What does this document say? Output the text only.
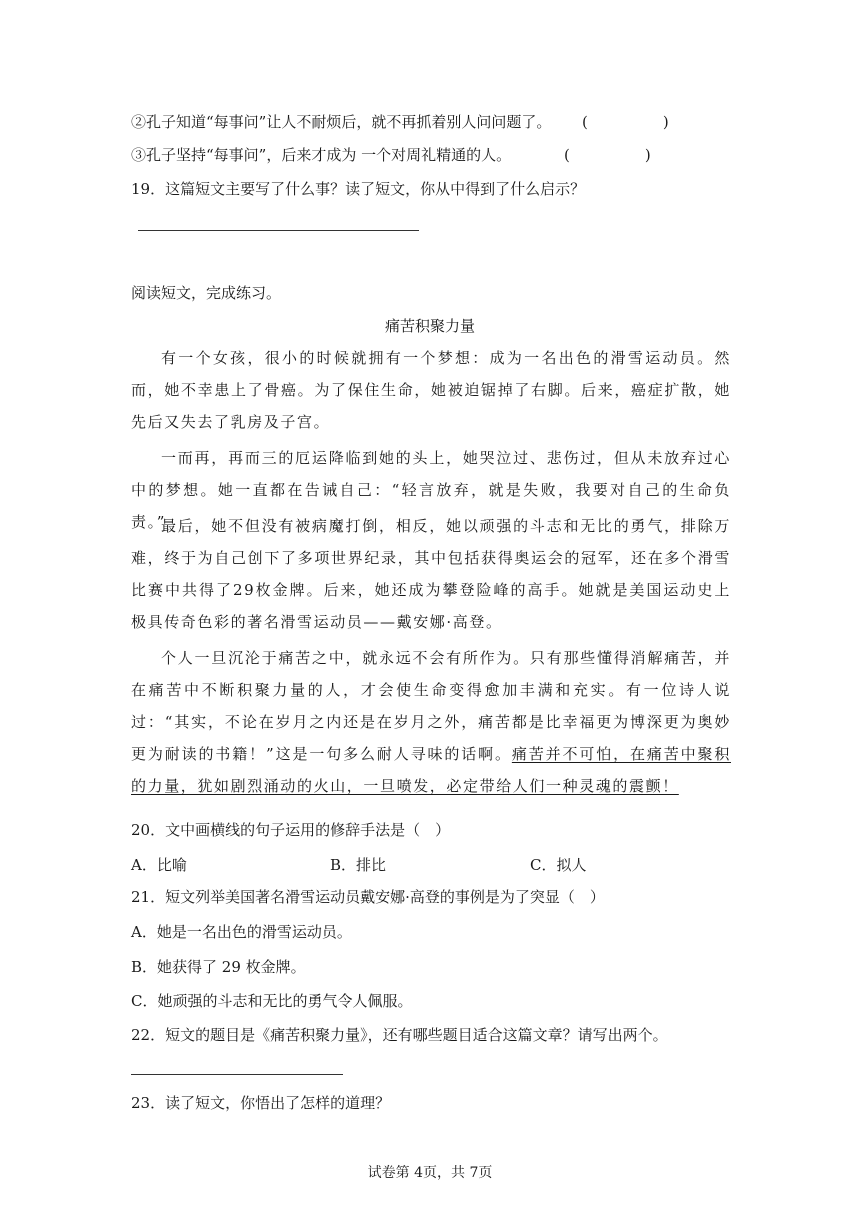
②孔子知道“每事问”让人不耐烦后，就不再抓着别人问问题了。 (　　　　　)
③孔子坚持“每事问”，后来才成为 一个对周礼精通的人。	(　　　　　)
19．这篇短文主要写了什么事？读了短文，你从中得到了什么启示？
阅读短文，完成练习。
痛苦积聚力量
有一个女孩，很小的时候就拥有一个梦想：成为一名出色的滑雪运动员。然而，她不幸患上了骨癌。为了保住生命，她被迫锯掉了右脚。后来，癌症扩散，她先后又失去了乳房及子宫。
一而再，再而三的厄运降临到她的头上，她哭泣过、悲伤过，但从未放弃过心中的梦想。她一直都在告诫自己：“轻言放弃，就是失败，我要对自己的生命负责。”
最后，她不但没有被病魔打倒，相反，她以顽强的斗志和无比的勇气，排除万难，终于为自己创下了多项世界纪录，其中包括获得奥运会的冠军，还在多个滑雪比赛中共得了29枚金牌。后来，她还成为攀登险峰的高手。她就是美国运动史上极具传奇色彩的著名滑雪运动员——戴安娜·高登。
个人一旦沉沦于痛苦之中，就永远不会有所作为。只有那些懂得消解痛苦，并在痛苦中不断积聚力量的人，才会使生命变得愈加丰满和充实。有一位诗人说过：“其实，不论在岁月之内还是在岁月之外，痛苦都是比幸福更为博深更为奥妙更为耐读的书籍！”这是一句多么耐人寻味的话啊。痛苦并不可怕，在痛苦中聚积的力量，犹如剧烈涌动的火山，一旦喷发，必定带给人们一种灵魂的震颤！
20．文中画横线的句子运用的修辞手法是（　）
A．比喻	B．排比	C．拟人
21．短文列举美国著名滑雪运动员戴安娜·高登的事例是为了突显（　）
A．她是一名出色的滑雪运动员。
B．她获得了 29 枚金牌。
C．她顽强的斗志和无比的勇气令人佩服。
22．短文的题目是《痛苦积聚力量》，还有哪些题目适合这篇文章？请写出两个。
23．读了短文，你悟出了怎样的道理？
试卷第 4页，共 7页
